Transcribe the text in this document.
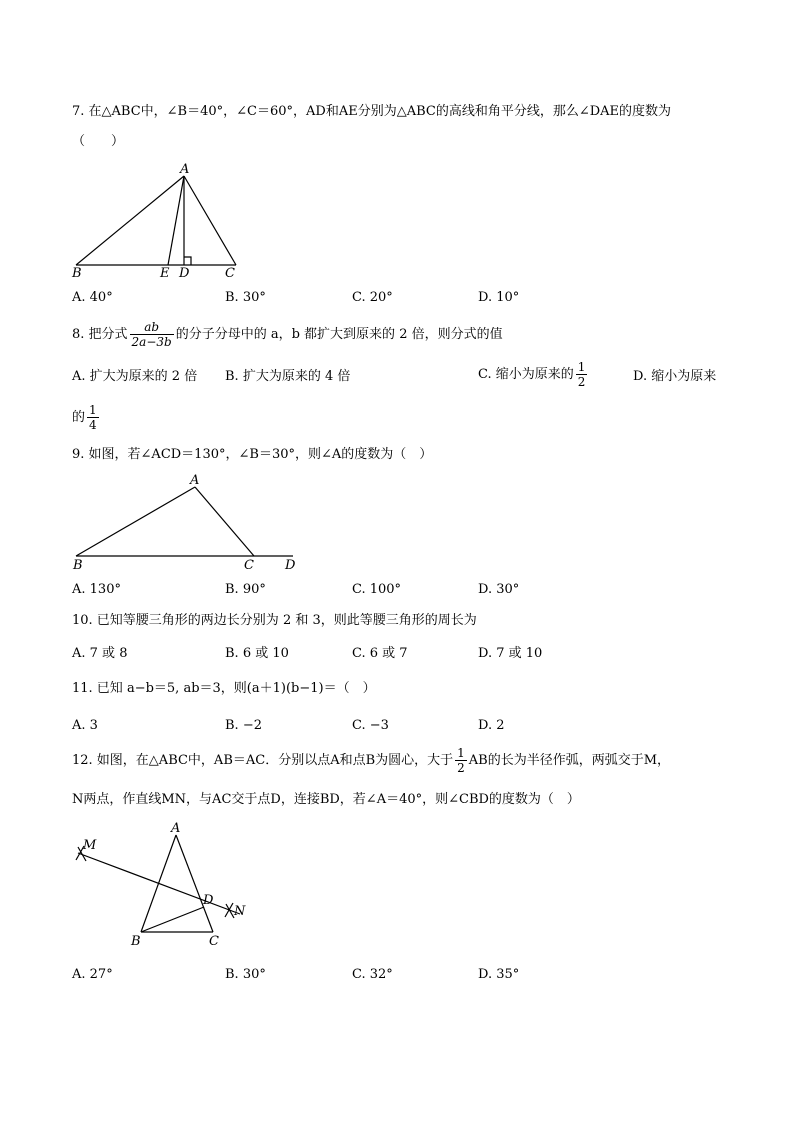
7. 在△ABC中，∠B＝40°，∠C＝60°，AD和AE分别为△ABC的高线和角平分线，那么∠DAE的度数为
（　　）
A
B	E D	C
A. 40°	B. 30°	C. 20°	D. 10°
8. 把分式 $\frac{ab}{2a-3b}$ 的分子分母中的 a，b 都扩大到原来的 2 倍，则分式的值
A. 扩大为原来的 2 倍 B. 扩大为原来的 4 倍	C. 缩小为原来的 $\frac{1}{2}$	D. 缩小为原来
的 $\frac{1}{4}$
9. 如图，若∠ACD＝130°，∠B＝30°，则∠A的度数为（　）
A
B	C D
A. 130°	B. 90°	C. 100°	D. 30°
10. 已知等腰三角形的两边长分别为 2 和 3，则此等腰三角形的周长为
A. 7 或 8	B. 6 或 10	C. 6 或 7	D. 7 或 10
11. 已知 a−b＝5, ab＝3，则(a＋1)(b−1)＝（　）
A. 3	B. −2	C. −3	D. 2
12. 如图，在△ABC中，AB＝AC．分别以点A和点B为圆心，大于 $\frac{1}{2}$ AB的长为半径作弧，两弧交于M，
N两点，作直线MN，与AC交于点D，连接BD，若∠A＝40°，则∠CBD的度数为（　）
A
B	C
D
M
N
A. 27°	B. 30°	C. 32°	D. 35°
